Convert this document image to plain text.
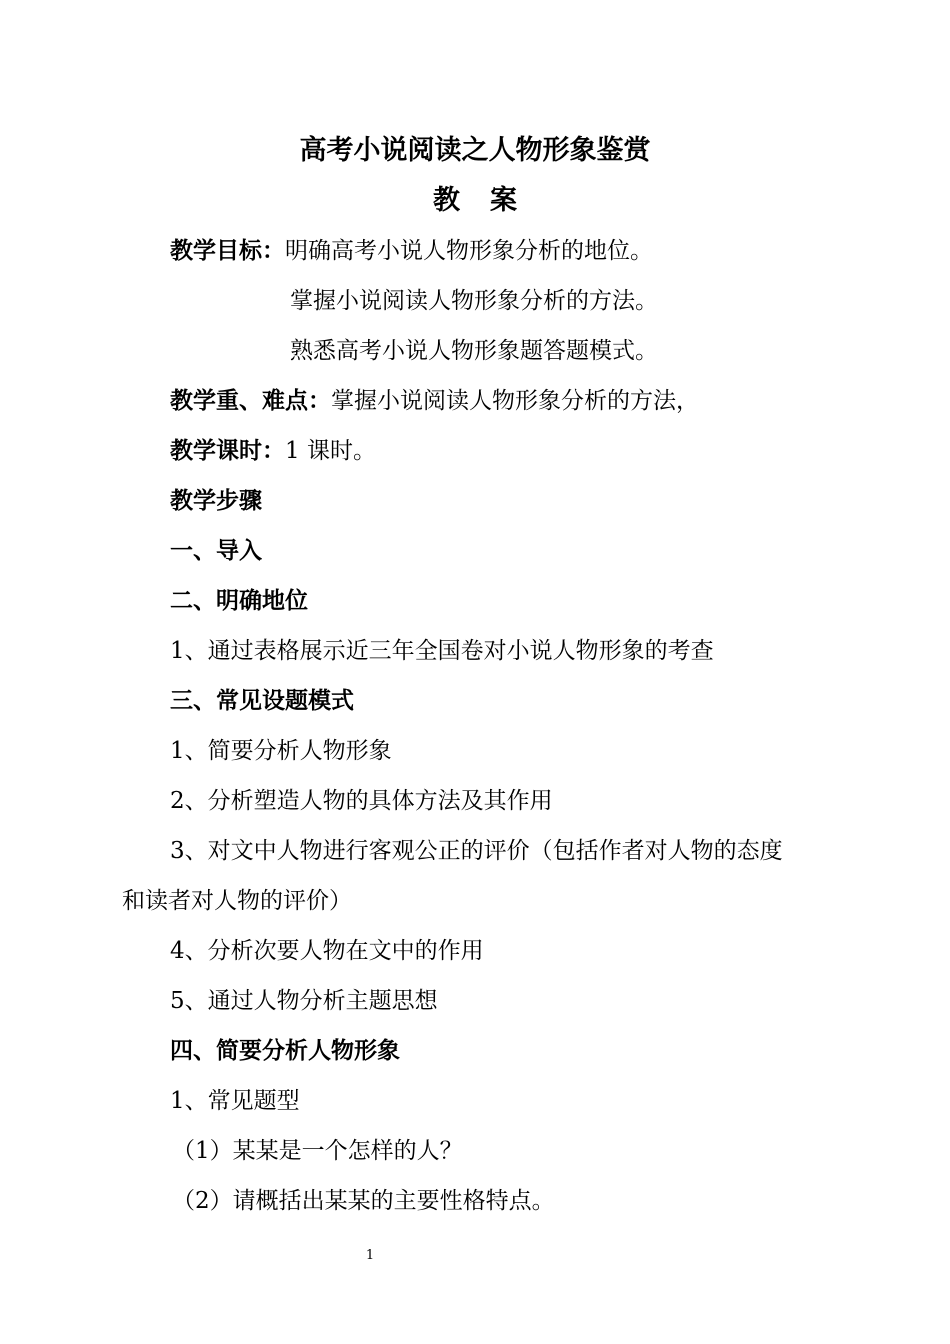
高考小说阅读之人物形象鉴赏
教案

教学目标：明确高考小说人物形象分析的地位。

掌握小说阅读人物形象分析的方法。

熟悉高考小说人物形象题答题模式。

教学重、难点：掌握小说阅读人物形象分析的方法，

教学课时：1 课时。

教学步骤

一、导入

二、明确地位

1、通过表格展示近三年全国卷对小说人物形象的考查

三、常见设题模式

1、简要分析人物形象

2、分析塑造人物的具体方法及其作用

3、对文中人物进行客观公正的评价（包括作者对人物的态度

和读者对人物的评价）

4、分析次要人物在文中的作用

5、通过人物分析主题思想

四、简要分析人物形象

1、常见题型

（1）某某是一个怎样的人？

（2）请概括出某某的主要性格特点。

1
